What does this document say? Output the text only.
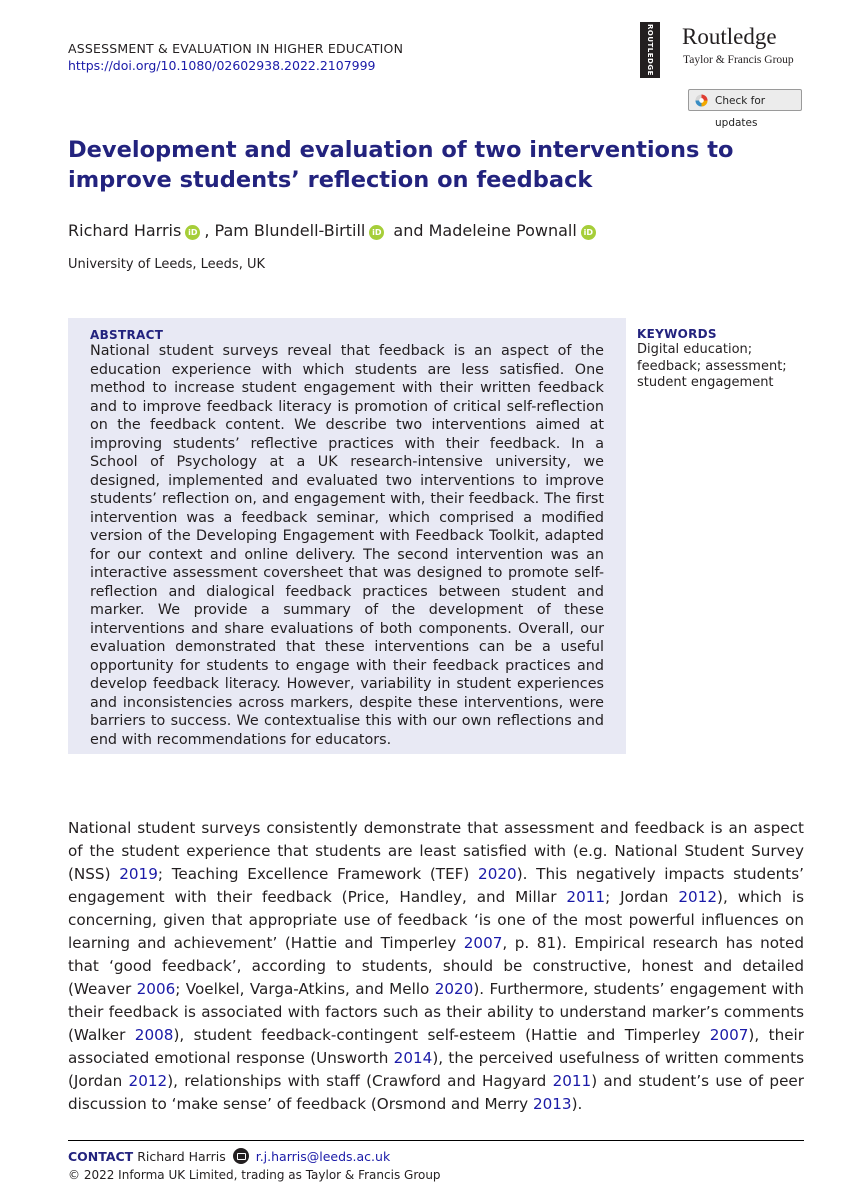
ASSESSMENT & EVALUATION IN HIGHER EDUCATION
https://doi.org/10.1080/02602938.2022.2107999	ROUTLEDGE Routledge
Taylor & Francis Group
Check for updates
Development and evaluation of two interventions to improve students’ reflection on feedback
Richard Harris iD , Pam Blundell-Birtill iD and Madeleine Pownall iD
University of Leeds, Leeds, UK
ABSTRACT
National student surveys reveal that feedback is an aspect of the education experience with which students are less satisfied. One method to increase student engagement with their written feedback and to improve feedback literacy is promotion of critical self-reflection on the feedback content. We describe two interventions aimed at improving students’ reflective practices with their feedback. In a School of Psychology at a UK research-intensive university, we designed, implemented and evaluated two interventions to improve students’ reflection on, and engagement with, their feedback. The first intervention was a feedback seminar, which comprised a modified version of the Developing Engagement with Feedback Toolkit, adapted for our context and online delivery. The second intervention was an interactive assessment coversheet that was designed to promote self-reflection and dialogical feedback practices between student and marker. We provide a summary of the development of these interventions and share evaluations of both components. Overall, our evaluation demonstrated that these interventions can be a useful opportunity for students to engage with their feedback practices and develop feedback literacy. However, variability in student experiences and inconsistencies across markers, despite these interventions, were barriers to success. We contextualise this with our own reflections and end with recommendations for educators.
KEYWORDS
Digital education;
feedback; assessment;
student engagement
National student surveys consistently demonstrate that assessment and feedback is an aspect of the student experience that students are least satisfied with (e.g. National Student Survey (NSS) 2019; Teaching Excellence Framework (TEF) 2020). This negatively impacts students’ engagement with their feedback (Price, Handley, and Millar 2011; Jordan 2012), which is concerning, given that appropriate use of feedback ‘is one of the most powerful influences on learning and achievement’ (Hattie and Timperley 2007, p. 81). Empirical research has noted that ‘good feedback’, according to students, should be constructive, honest and detailed (Weaver 2006; Voelkel, Varga-Atkins, and Mello 2020). Furthermore, students’ engagement with their feedback is associated with factors such as their ability to understand marker’s comments (Walker 2008), student feedback-contingent self-esteem (Hattie and Timperley 2007), their associated emotional response (Unsworth 2014), the perceived usefulness of written comments (Jordan 2012), relationships with staff (Crawford and Hagyard 2011) and student’s use of peer discussion to ‘make sense’ of feedback (Orsmond and Merry 2013).
CONTACT Richard Harris r.j.harris@leeds.ac.uk
© 2022 Informa UK Limited, trading as Taylor & Francis Group
